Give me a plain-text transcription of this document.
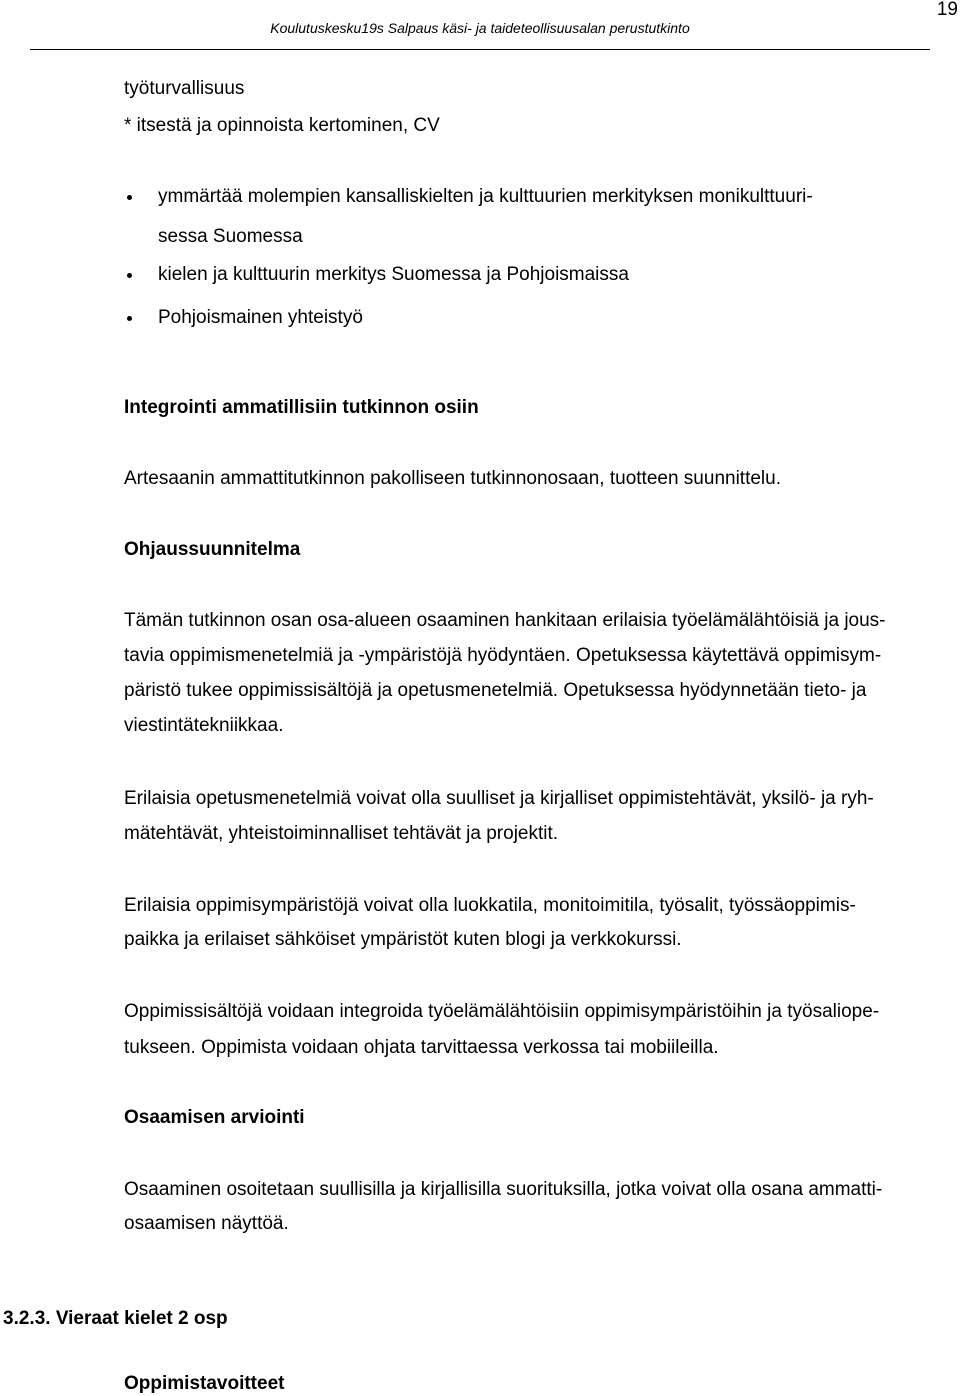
19
Koulutuskesku19s Salpaus käsi- ja taideteollisuusalan perustutkinto
työturvallisuus
* itsestä ja opinnoista kertominen, CV
ymmärtää molempien kansalliskielten ja kulttuurien merkityksen monikulttuuri-
sessa Suomessa
kielen ja kulttuurin merkitys Suomessa ja Pohjoismaissa
Pohjoismainen yhteistyö
Integrointi ammatillisiin tutkinnon osiin
Artesaanin ammattitutkinnon pakolliseen tutkinnonosaan, tuotteen suunnittelu.
Ohjaussuunnitelma
Tämän tutkinnon osan osa-alueen osaaminen hankitaan erilaisia työelämälähtöisiä ja jous-
tavia oppimismenetelmiä ja -ympäristöjä hyödyntäen. Opetuksessa käytettävä oppimisym-
päristö tukee oppimissisältöjä ja opetusmenetelmiä. Opetuksessa hyödynnetään tieto- ja
viestintätekniikkaa.
Erilaisia opetusmenetelmiä voivat olla suulliset ja kirjalliset oppimistehtävät, yksilö- ja ryh-
mätehtävät, yhteistoiminnalliset tehtävät ja projektit.
Erilaisia oppimisympäristöjä voivat olla luokkatila, monitoimitila, työsalit, työssäoppimis-
paikka ja erilaiset sähköiset ympäristöt kuten blogi ja verkkokurssi.
Oppimissisältöjä voidaan integroida työelämälähtöisiin oppimisympäristöihin ja työsaliope-
tukseen. Oppimista voidaan ohjata tarvittaessa verkossa tai mobiileilla.
Osaamisen arviointi
Osaaminen osoitetaan suullisilla ja kirjallisilla suorituksilla, jotka voivat olla osana ammatti-
osaamisen näyttöä.
3.2.3. Vieraat kielet 2 osp
Oppimistavoitteet
